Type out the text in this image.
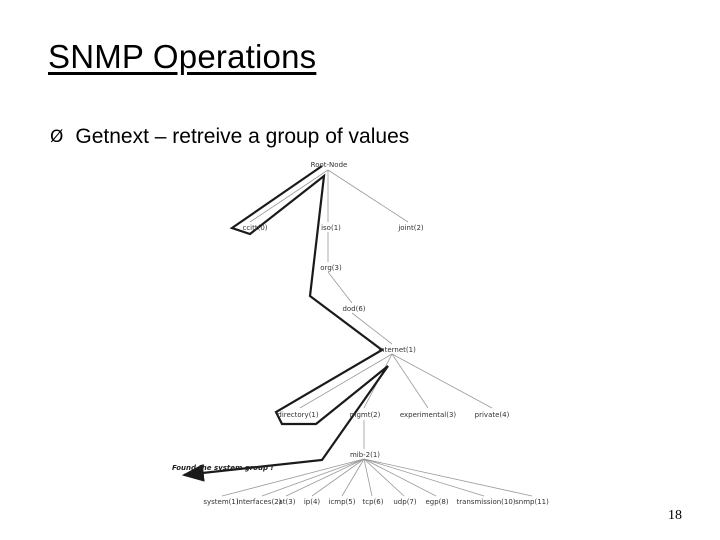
SNMP Operations
Ø Getnext – retreive a group of values
Root-Node
ccitt(0)	iso(1)	joint(2)
org(3)
dod(6)
internet(1)
directory(1)	mgmt(2)	experimental(3)	private(4)
mib-2(1)
system(1)
interfaces(2)
at(3) ip(4) icmp(5) tcp(6) udp(7) egp(8) transmission(10) snmp(11)
Found the system group !
18
